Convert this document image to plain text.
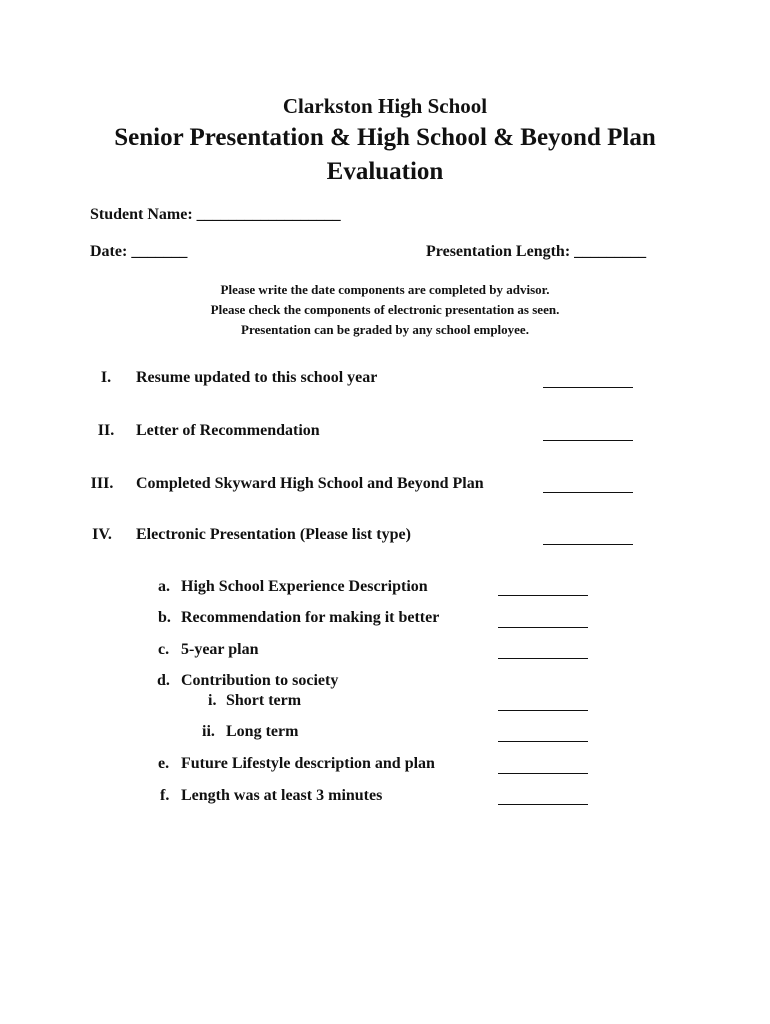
Clarkston High School
Senior Presentation & High School & Beyond Plan
Evaluation
Student Name: __________________
Date: _______	Presentation Length: _________
Please write the date components are completed by advisor.
Please check the components of electronic presentation as seen.
Presentation can be graded by any school employee.
I.	Resume updated to this school year
II.	Letter of Recommendation
III.	Completed Skyward High School and Beyond Plan
IV.	Electronic Presentation (Please list type)
a. High School Experience Description
b. Recommendation for making it better
c. 5-year plan
d. Contribution to society
i. Short term
ii. Long term
e. Future Lifestyle description and plan
f. Length was at least 3 minutes
